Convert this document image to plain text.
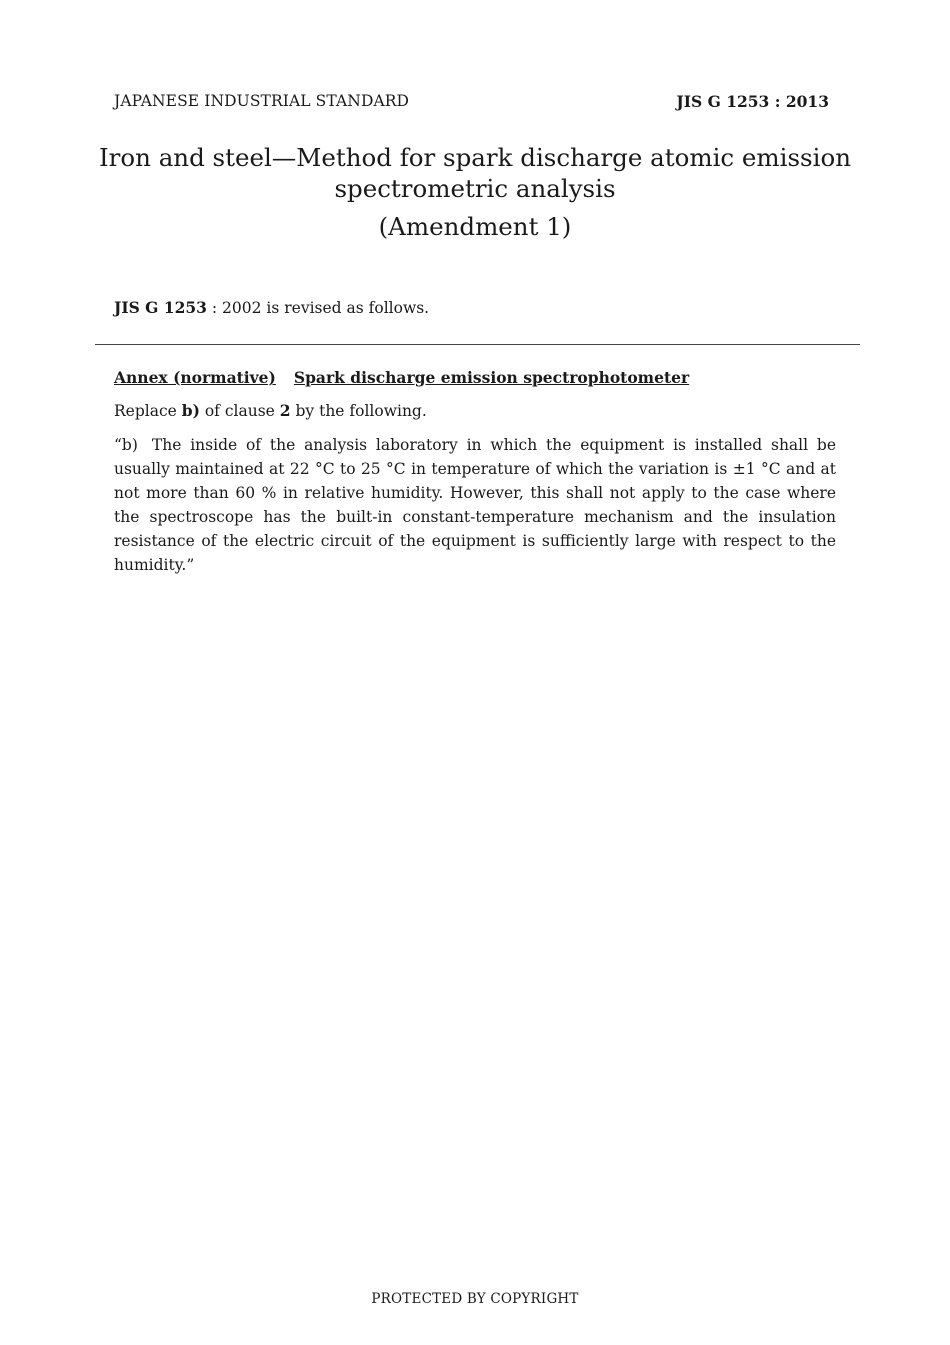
JAPANESE INDUSTRIAL STANDARD	JIS G 1253 : 2013
Iron and steel—Method for spark discharge atomic emission
spectrometric analysis
(Amendment 1)
JIS G 1253 : 2002 is revised as follows.
Annex (normative) Spark discharge emission spectrophotometer
Replace b) of clause 2 by the following.
“b) The inside of the analysis laboratory in which the equipment is installed shall be usually maintained at 22 °C to 25 °C in temperature of which the variation is ±1 °C and at not more than 60 % in relative humidity. However, this shall not apply to the case where the spectroscope has the built-in constant-temperature mechanism and the insulation resistance of the electric circuit of the equipment is sufficiently large with respect to the humidity.”
PROTECTED BY COPYRIGHT
